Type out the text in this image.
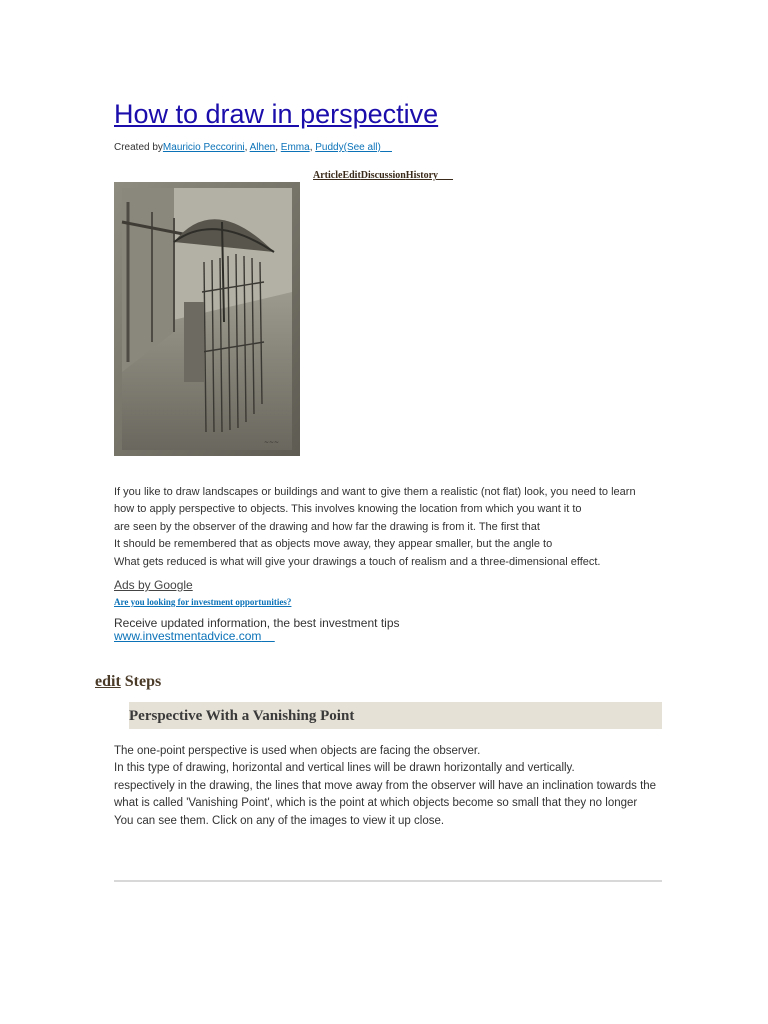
How to draw in perspective
Created byMauricio Peccorini, Alhen, Emma, Puddy(See all)
ArticleEditDiscussionHistory
~~~

If you like to draw landscapes or buildings and want to give them a realistic (not flat) look, you need to learn

how to apply perspective to objects. This involves knowing the location from which you want it to

are seen by the observer of the drawing and how far the drawing is from it. The first that

It should be remembered that as objects move away, they appear smaller, but the angle to

What gets reduced is what will give your drawings a touch of realism and a three-dimensional effect.

Ads by Google
Are you looking for investment opportunities?
Receive updated information, the best investment tips
www.investmentadvice.com
edit Steps
Perspective With a Vanishing Point

The one-point perspective is used when objects are facing the observer.

In this type of drawing, horizontal and vertical lines will be drawn horizontally and vertically.

respectively in the drawing, the lines that move away from the observer will have an inclination towards the

what is called 'Vanishing Point', which is the point at which objects become so small that they no longer

You can see them. Click on any of the images to view it up close.
